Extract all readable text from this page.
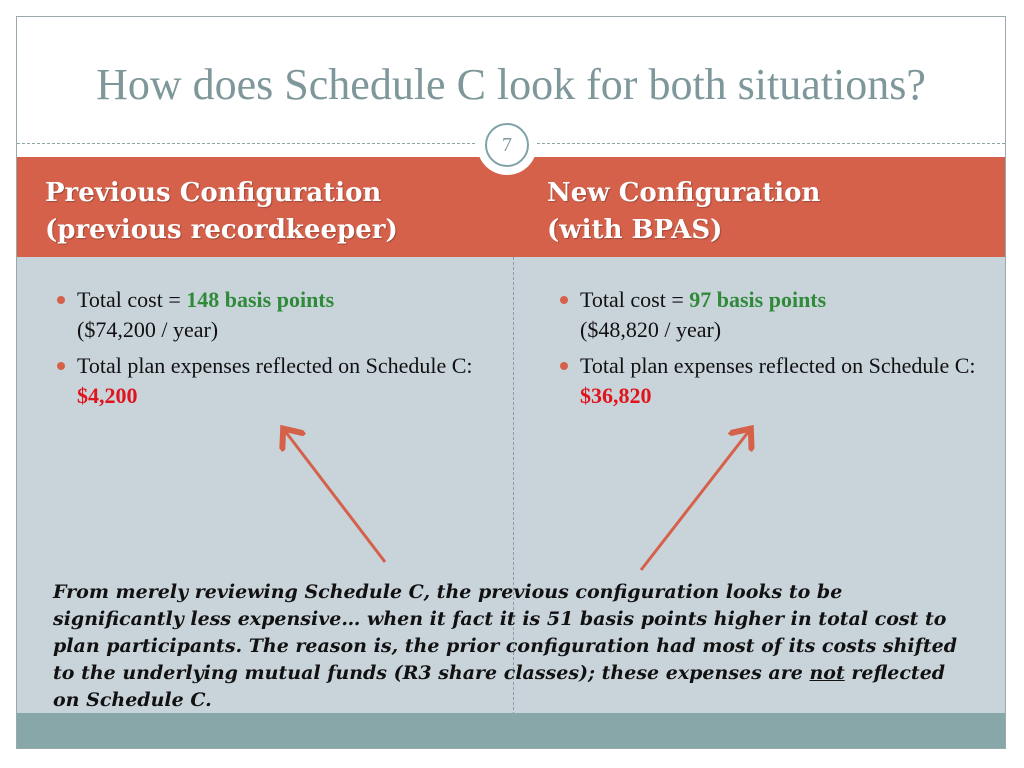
How does Schedule C look for both situations?
7
Previous Configuration
(previous recordkeeper)
New Configuration
(with BPAS)
Total cost = 148 basis points
($74,200 / year)
Total plan expenses reflected on Schedule C: $4,200
Total cost = 97 basis points
($48,820 / year)
Total plan expenses reflected on Schedule C: $36,820
From merely reviewing Schedule C, the previous configuration looks to be significantly less expensive… when it fact it is 51 basis points higher in total cost to plan participants. The reason is, the prior configuration had most of its costs shifted to the underlying mutual funds (R3 share classes); these expenses are not reflected on Schedule C.
